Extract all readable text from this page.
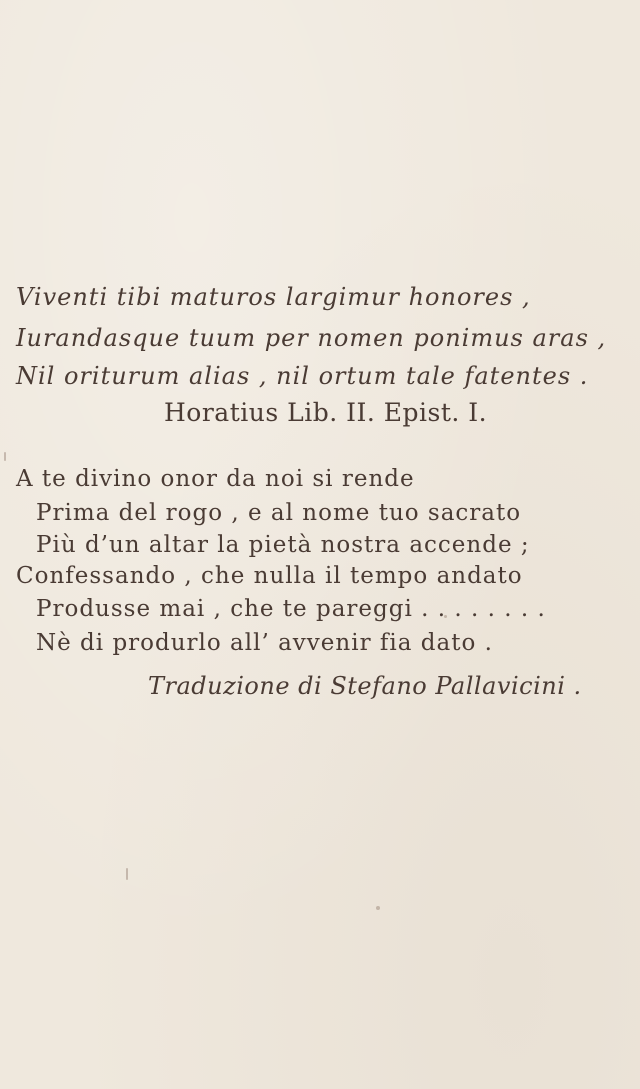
Viventi tibi maturos largimur honores ,
Iurandasque tuum per nomen ponimus aras ,
Nil oriturum alias , nil ortum tale fatentes .
Horatius Lib. II. Epist. I.
A te divino onor da noi si rende
Prima del rogo , e al nome tuo sacrato
Più d’un altar la pietà nostra accende ;
Confessando , che nulla il tempo andato
Produsse mai , che te pareggi . . . . . . . .
Nè di produrlo all’ avvenir fia dato .
Traduzione di Stefano Pallavicini .
